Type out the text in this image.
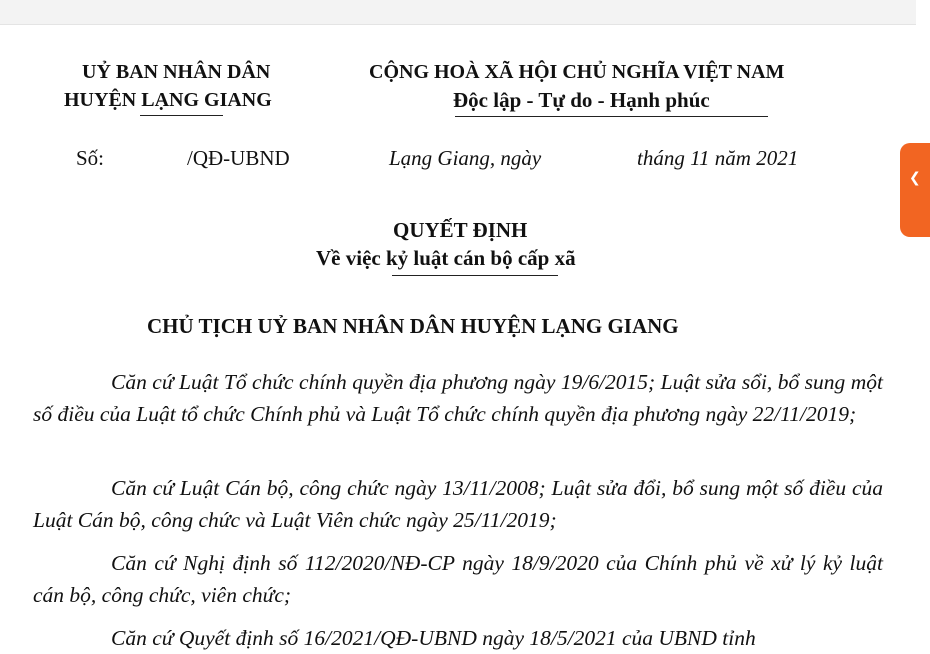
UỶ BAN NHÂN DÂN
HUYỆN LẠNG GIANG
CỘNG HOÀ XÃ HỘI CHỦ NGHĨA VIỆT NAM
Độc lập - Tự do - Hạnh phúc
Số:	/QĐ-UBND	Lạng Giang, ngày	tháng 11 năm 2021
QUYẾT ĐỊNH
Về việc kỷ luật cán bộ cấp xã
CHỦ TỊCH UỶ BAN NHÂN DÂN HUYỆN LẠNG GIANG

Căn cứ Luật Tổ chức chính quyền địa phương ngày 19/6/2015; Luật sửa sổi, bổ sung một số điều của Luật tổ chức Chính phủ và Luật Tổ chức chính quyền địa phương ngày 22/11/2019;

Căn cứ Luật Cán bộ, công chức ngày 13/11/2008; Luật sửa đổi, bổ sung một số điều của Luật Cán bộ, công chức và Luật Viên chức ngày 25/11/2019;

Căn cứ Nghị định số 112/2020/NĐ-CP ngày 18/9/2020 của Chính phủ về xử lý kỷ luật cán bộ, công chức, viên chức;

Căn cứ Quyết định số 16/2021/QĐ-UBND ngày 18/5/2021 của UBND tỉnh

❮
